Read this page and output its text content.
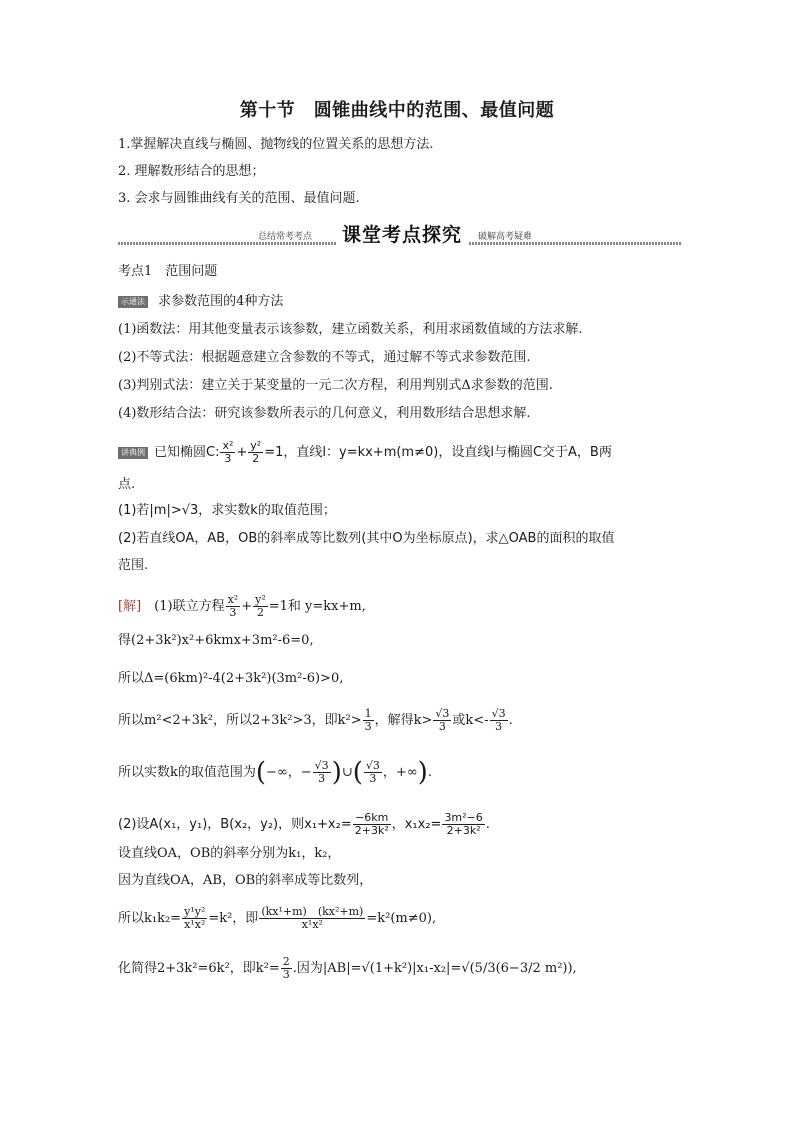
第十节　圆锥曲线中的范围、最值问题
1.掌握解决直线与椭圆、抛物线的位置关系的思想方法.
2. 理解数形结合的思想；
3. 会求与圆锥曲线有关的范围、最值问题.
总结常考考点	课堂考点探究	破解高考疑难
考点1　范围问题
示通法 求参数范围的4种方法
(1)函数法：用其他变量表示该参数，建立函数关系，利用求函数值域的方法求解.
(2)不等式法：根据题意建立含参数的不等式，通过解不等式求参数范围.
(3)判别式法：建立关于某变量的一元二次方程，利用判别式Δ求参数的范围.
(4)数形结合法：研究该参数所表示的几何意义，利用数形结合思想求解.
讲典例 已知椭圆C: $\frac{\text{x²}}{3} + \frac{\text{y²}}{2} =1$，直线l：y=kx+m(m≠0)，设直线l与椭圆C交于A，B两
点.
(1)若|m|>√3，求实数k的取值范围；
(2)若直线OA，AB，OB的斜率成等比数列(其中O为坐标原点)，求△OAB的面积的取值
范围.
[解]　 (1)联立方程 $\frac{\text{x²}}{3} + \frac{\text{y²}}{2} =1$和 y=kx+m,
得(2+3k²)x²+6kmx+3m²-6=0,
所以Δ=(6km)²-4(2+3k²)(3m²-6)>0,
所以m²<2+3k²，所以2+3k²>3，即$k^2> \frac{1}{3}$ ，解得$k> \frac{√3}{3}$ 或$k<- \frac{√3}{3}$ .
所以实数k的取值范围为(−∞，− $\frac{√3}{3}$ )∪( $\frac{√3}{3}$ ，+∞).
(2)设A(x₁，y₁)，B(x₂，y₂)，则$x_1+x_2= \frac{-6km}{\text{2+3k²}}$ ，$x_1x_2= \frac{\text{3m²−6}}{\text{2+3k²}}$ .
设直线OA，OB的斜率分别为k₁，k₂，
因为直线OA，AB，OB的斜率成等比数列，
所以$k_1k_2= \frac{\text{y¹y²}}{\text{x¹x²}} =k^2$，即 $\frac{\text{(kx¹+m)　(kx²+m)}}{\text{x¹x²}} =k^2(m\ne 0)$,
化简得2+3k²=6k²，即$k^2= \frac{2}{3}$ .因为|AB|=√(1+k²)|x₁-x₂|=√(5/3(6−3/2 m²)),
